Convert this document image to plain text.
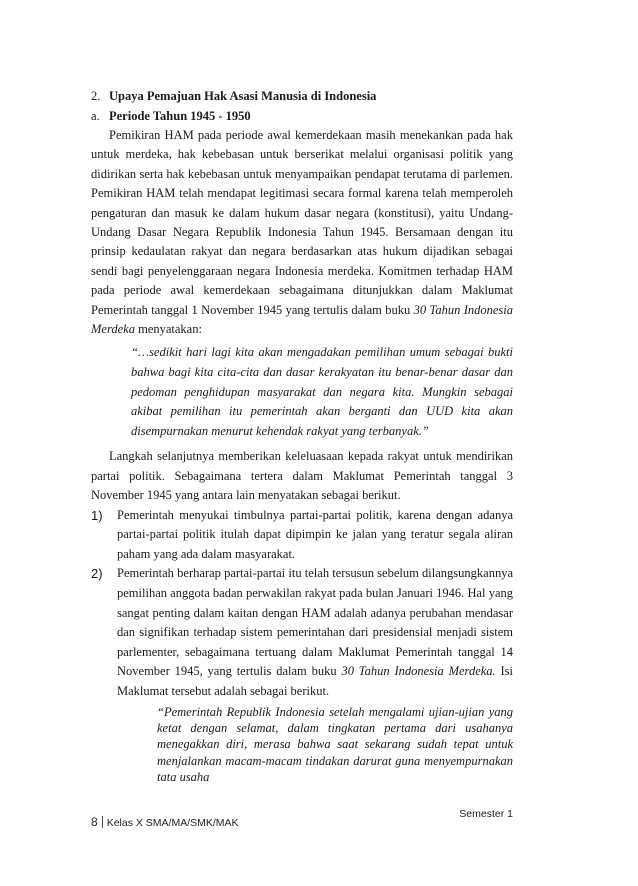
2. Upaya Pemajuan Hak Asasi Manusia di Indonesia

a. Periode Tahun 1945 - 1950

Pemikiran HAM pada periode awal kemerdekaan masih menekankan pada hak untuk merdeka, hak kebebasan untuk berserikat melalui organisasi politik yang didirikan serta hak kebebasan untuk menyampaikan pendapat terutama di parlemen. Pemikiran HAM telah mendapat legitimasi secara formal karena telah memperoleh pengaturan dan masuk ke dalam hukum dasar negara (konstitusi), yaitu Undang-Undang Dasar Negara Republik Indonesia Tahun 1945. Bersamaan dengan itu prinsip kedaulatan rakyat dan negara berdasarkan atas hukum dijadikan sebagai sendi bagi penyelenggaraan negara Indonesia merdeka. Komitmen terhadap HAM pada periode awal kemerdekaan sebagaimana ditunjukkan dalam Maklumat Pemerintah tanggal 1 November 1945 yang tertulis dalam buku 30 Tahun Indonesia Merdeka menyatakan:

“…sedikit hari lagi kita akan mengadakan pemilihan umum sebagai bukti bahwa bagi kita cita-cita dan dasar kerakyatan itu benar-benar dasar dan pedoman penghidupan masyarakat dan negara kita. Mungkin sebagai akibat pemilihan itu pemerintah akan berganti dan UUD kita akan disempurnakan menurut kehendak rakyat yang terbanyak.”

Langkah selanjutnya memberikan keleluasaan kepada rakyat untuk mendirikan partai politik. Sebagaimana tertera dalam Maklumat Pemerintah tanggal 3 November 1945 yang antara lain menyatakan sebagai berikut.

1) Pemerintah menyukai timbulnya partai-partai politik, karena dengan adanya partai-partai politik itulah dapat dipimpin ke jalan yang teratur segala aliran paham yang ada dalam masyarakat.
2) Pemerintah berharap partai-partai itu telah tersusun sebelum dilangsungkannya pemilihan anggota badan perwakilan rakyat pada bulan Januari 1946. Hal yang sangat penting dalam kaitan dengan HAM adalah adanya perubahan mendasar dan signifikan terhadap sistem pemerintahan dari presidensial menjadi sistem parlementer, sebagaimana tertuang dalam Maklumat Pemerintah tanggal 14 November 1945, yang tertulis dalam buku 30 Tahun Indonesia Merdeka. Isi Maklumat tersebut adalah sebagai berikut.

“Pemerintah Republik Indonesia setelah mengalami ujian-ujian yang ketat dengan selamat, dalam tingkatan pertama dari usahanya menegakkan diri, merasa bahwa saat sekarang sudah tepat untuk menjalankan macam-macam tindakan darurat guna menyempurnakan tata usaha

Semester 1
8 Kelas X SMA/MA/SMK/MAK
